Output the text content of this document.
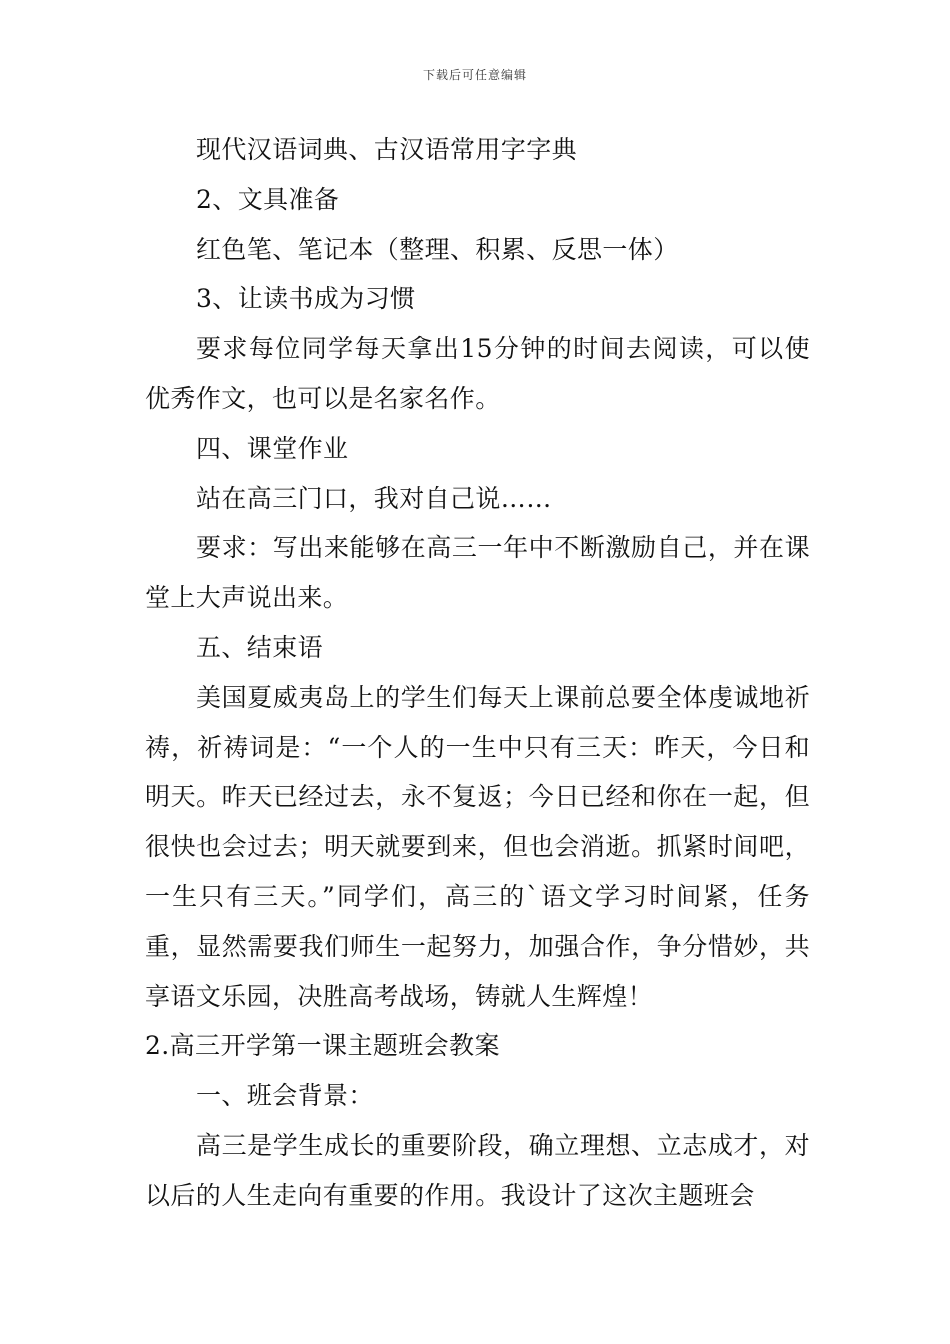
下载后可任意编辑

现代汉语词典、古汉语常用字字典

2、文具准备

红色笔、笔记本（整理、积累、反思一体）

3、让读书成为习惯

要求每位同学每天拿出15分钟的时间去阅读，可以使优秀作文，也可以是名家名作。

四、课堂作业

站在高三门口，我对自己说……

要求：写出来能够在高三一年中不断激励自己，并在课堂上大声说出来。

五、结束语

美国夏威夷岛上的学生们每天上课前总要全体虔诚地祈祷，祈祷词是：“一个人的一生中只有三天：昨天，今日和明天。昨天已经过去，永不复返；今日已经和你在一起，但很快也会过去；明天就要到来，但也会消逝。抓紧时间吧，一生只有三天。”同学们，高三的`语文学习时间紧，任务重，显然需要我们师生一起努力，加强合作，争分惜妙，共享语文乐园，决胜高考战场，铸就人生辉煌！

2.高三开学第一课主题班会教案

一、班会背景：

高三是学生成长的重要阶段，确立理想、立志成才，对以后的人生走向有重要的作用。我设计了这次主题班会
